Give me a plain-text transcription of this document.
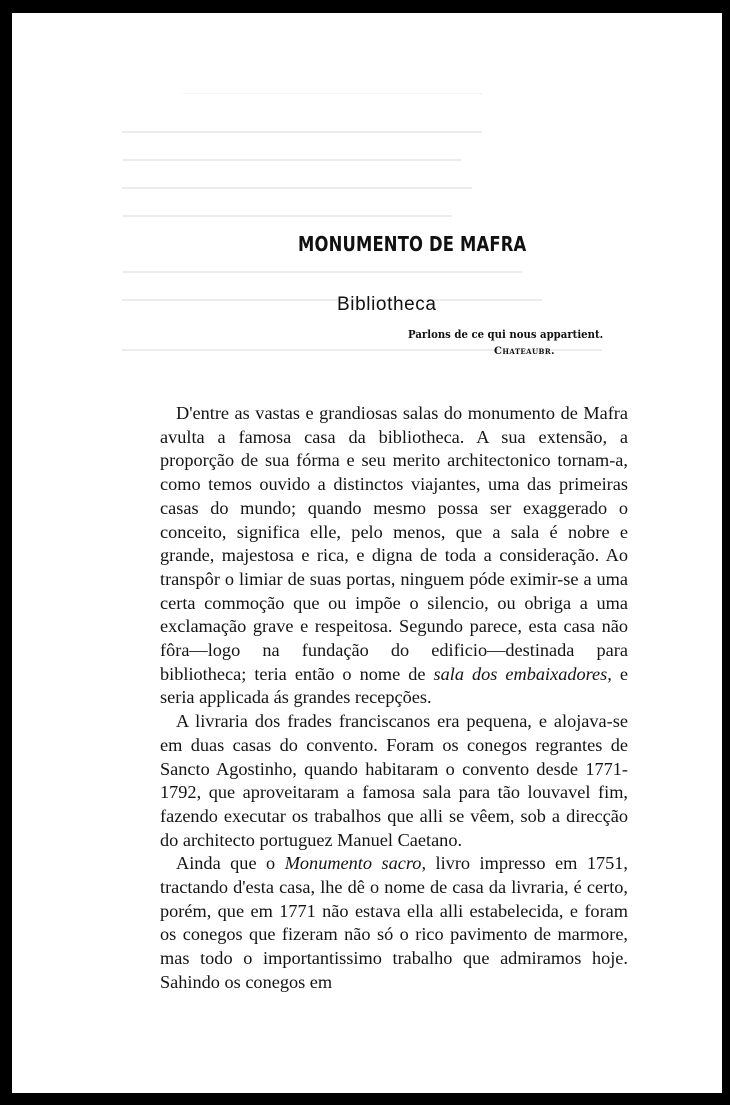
MONUMENTO DE MAFRA
Bibliotheca
Parlons de ce qui nous appartient.
Chateaubr.

D'entre as vastas e grandiosas salas do monumento de Mafra avulta a famosa casa da bibliotheca. A sua extensão, a proporção de sua fórma e seu merito architectonico tornam-a, como temos ouvido a distinctos viajantes, uma das primeiras casas do mundo; quando mesmo possa ser exaggerado o conceito, significa elle, pelo menos, que a sala é nobre e grande, majestosa e rica, e digna de toda a consideração. Ao transpôr o limiar de suas portas, ninguem póde eximir-se a uma certa commoção que ou impõe o silencio, ou obriga a uma exclamação grave e respeitosa. Segundo parece, esta casa não fôra—logo na fundação do edificio—destinada para bibliotheca; teria então o nome de sala dos embaixadores, e seria applicada ás grandes recepções.

A livraria dos frades franciscanos era pequena, e alojava-se em duas casas do convento. Foram os conegos regrantes de Sancto Agostinho, quando habitaram o convento desde 1771-1792, que aproveitaram a famosa sala para tão louvavel fim, fazendo executar os trabalhos que alli se vêem, sob a direcção do architecto portuguez Manuel Caetano.

Ainda que o Monumento sacro, livro impresso em 1751, tractando d'esta casa, lhe dê o nome de casa da livraria, é certo, porém, que em 1771 não estava ella alli estabelecida, e foram os conegos que fizeram não só o rico pavimento de marmore, mas todo o importantissimo trabalho que admiramos hoje. Sahindo os conegos em
